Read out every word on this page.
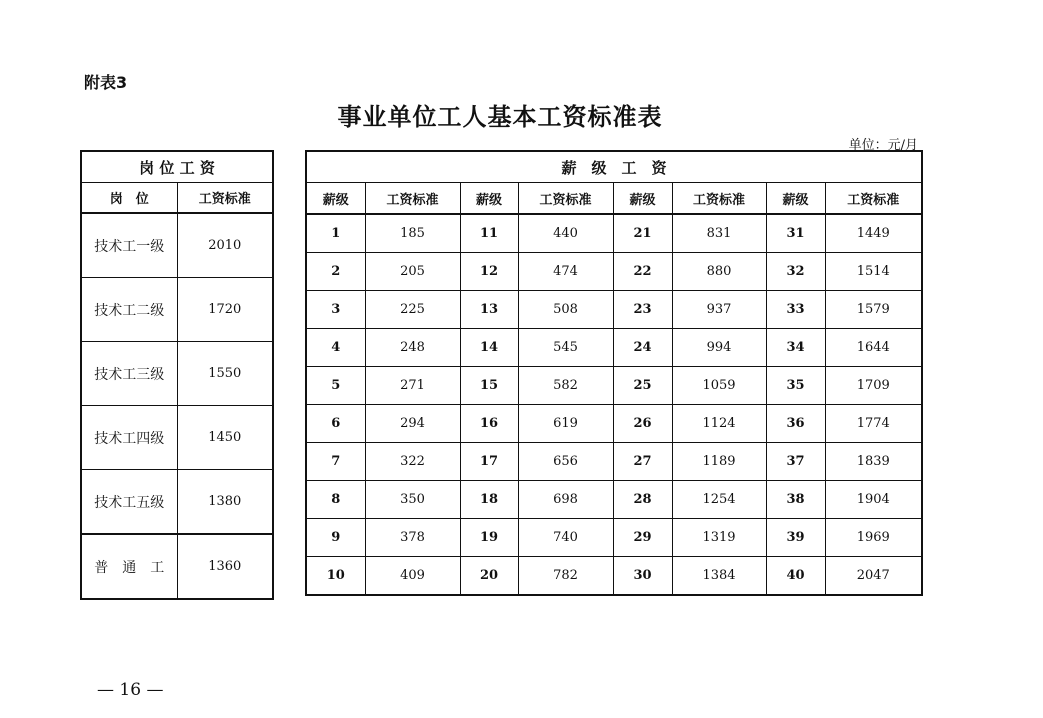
附表3
事业单位工人基本工资标准表
单位：元/月
岗 位 工 资	
岗　位	工资标准
技术工一级	2010
技术工二级	1720
技术工三级	1550
技术工四级	1450
技术工五级	1380
普　通　工	1360
薪　级　工　资							
薪级	工资标准	薪级	工资标准	薪级	工资标准	薪级	工资标准
1	185	11	440	21	831	31	1449
2	205	12	474	22	880	32	1514
3	225	13	508	23	937	33	1579
4	248	14	545	24	994	34	1644
5	271	15	582	25	1059	35	1709
6	294	16	619	26	1124	36	1774
7	322	17	656	27	1189	37	1839
8	350	18	698	28	1254	38	1904
9	378	19	740	29	1319	39	1969
10	409	20	782	30	1384	40	2047
— 16 —
